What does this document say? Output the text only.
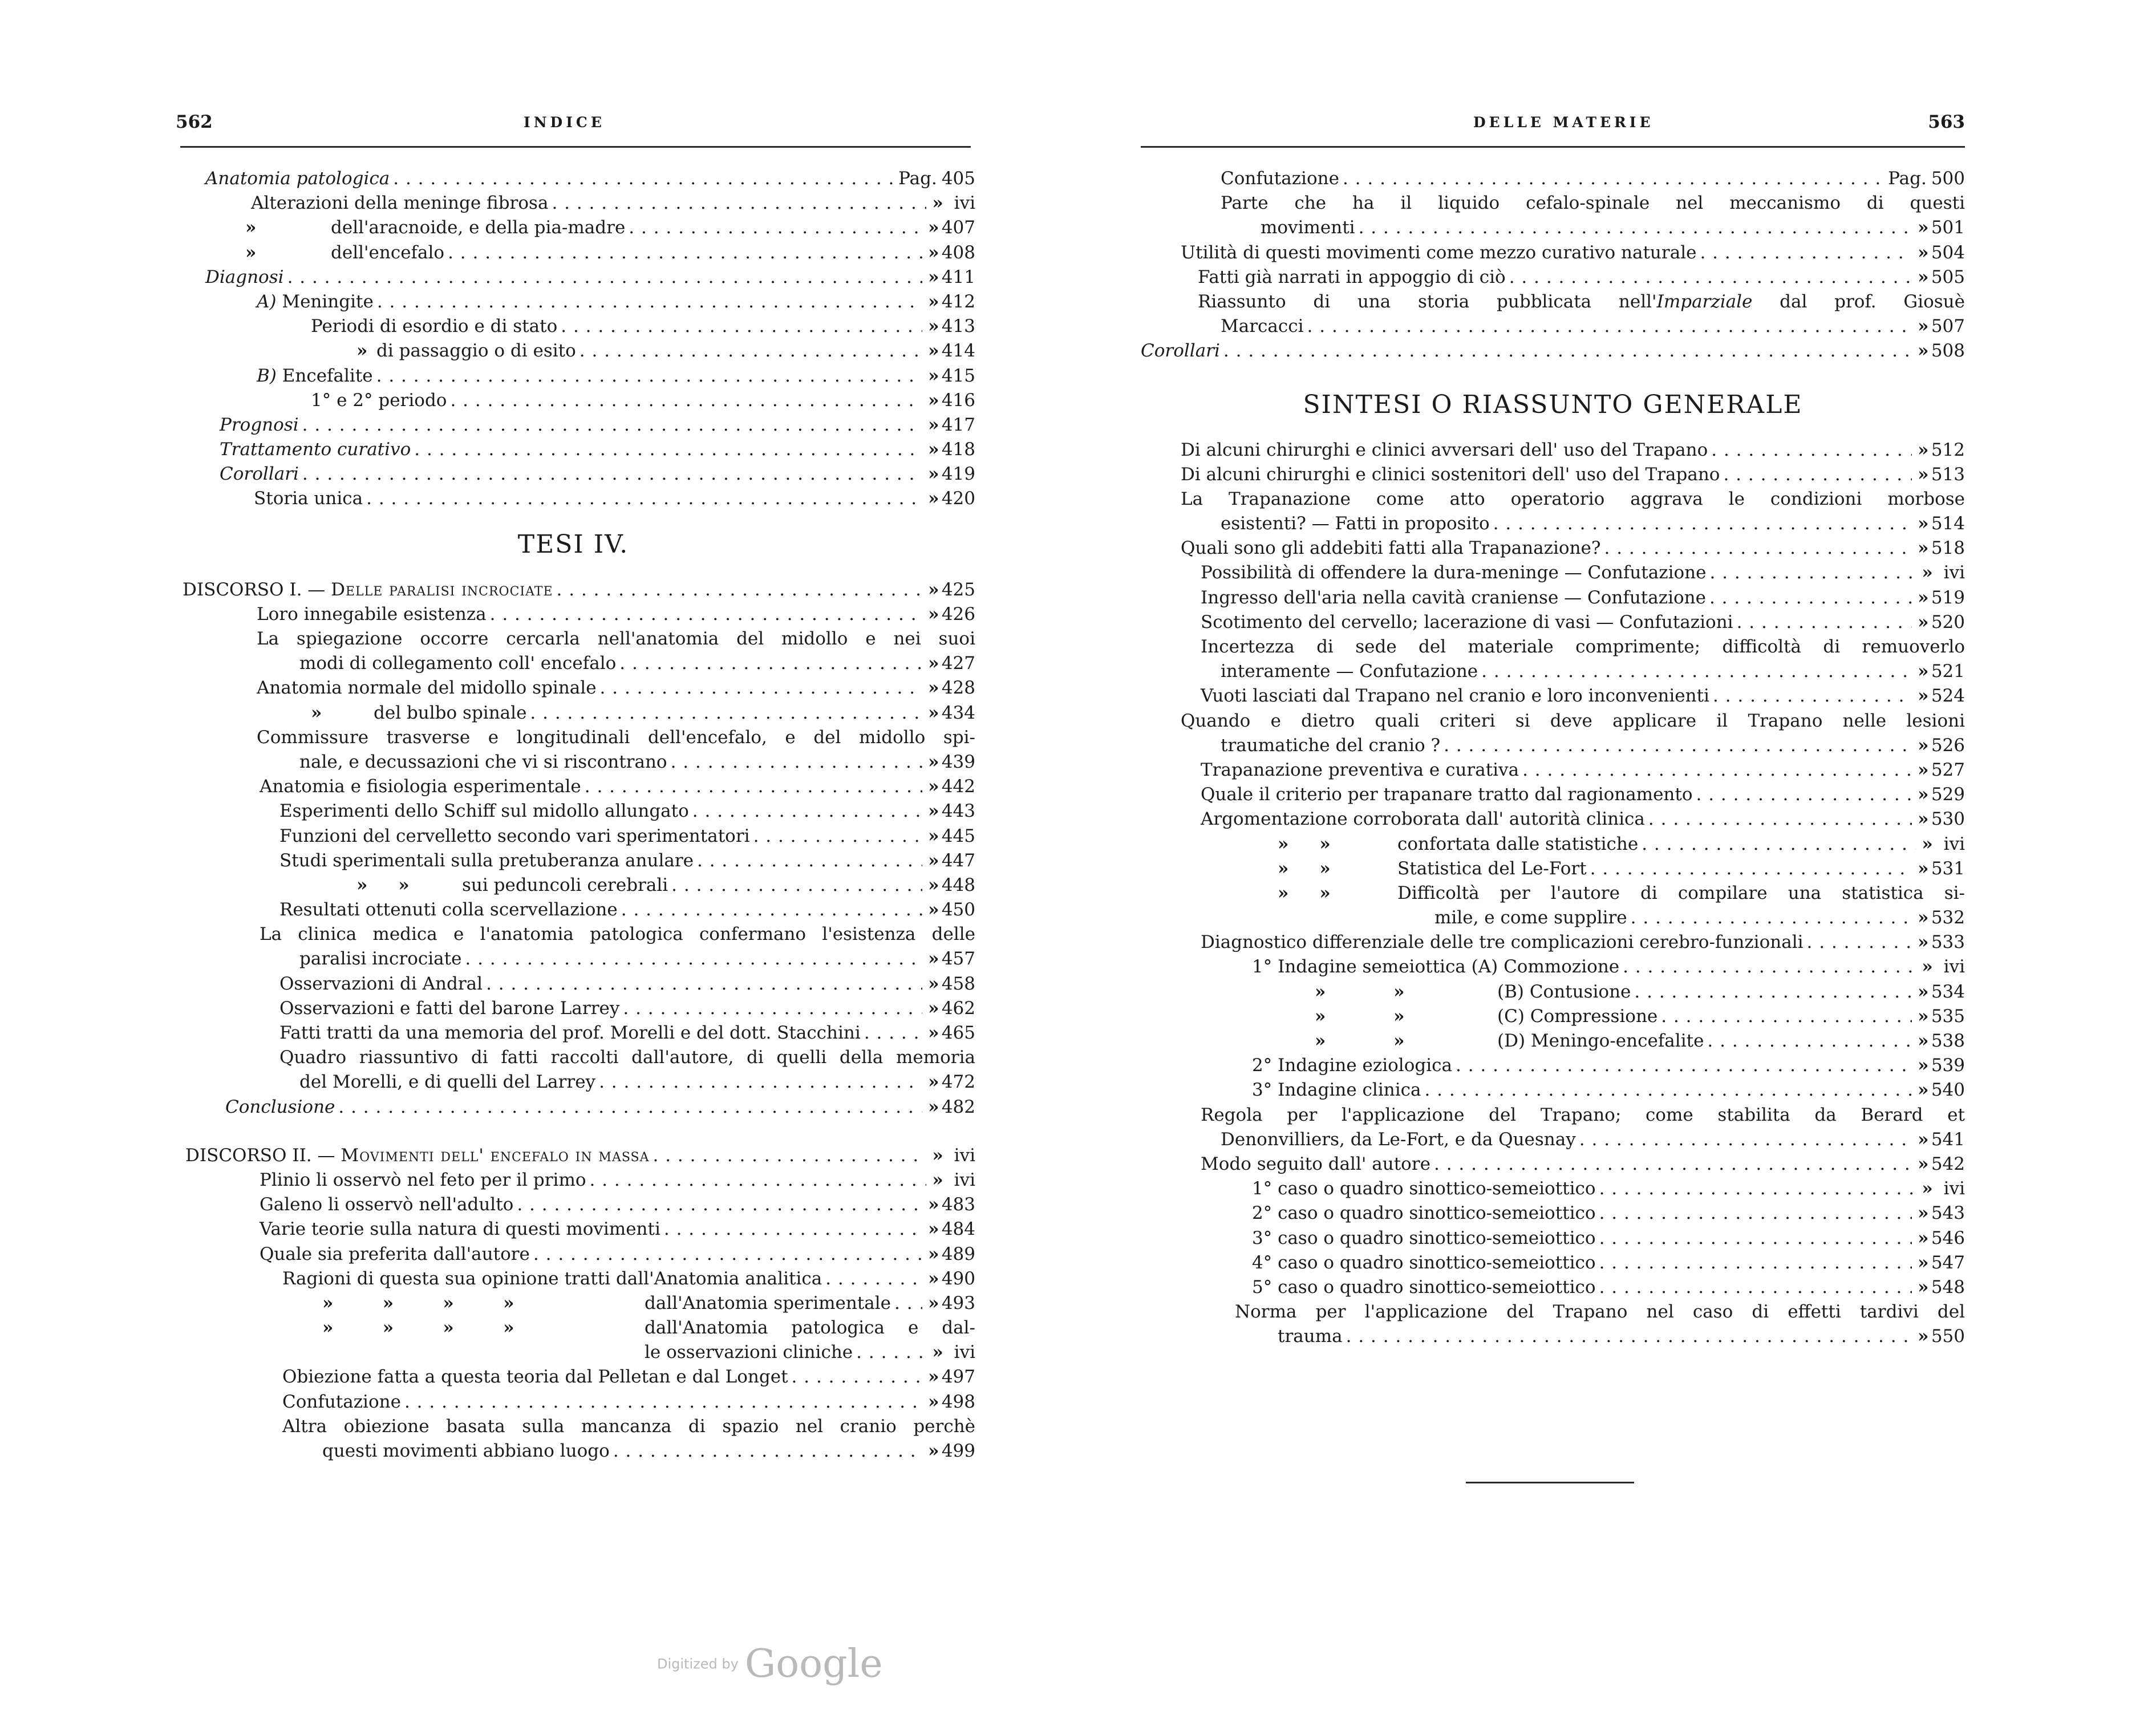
562	INDICE
Anatomia patologica . . .	Pag. 405
Alterazioni della meninge fibrosa . . .	» ivi
»	dell'aracnoide, e della pia-madre . . .	» 407
»	dell'encefalo . . .	» 408
Diagnosi . . .	» 411
A) Meningite . . .	» 412
Periodi di esordio e di stato . . .	» 413
» di passaggio o di esito . . .	» 414
B) Encefalite . . .	» 415
1° e 2° periodo . . .	» 416
Prognosi . . .	» 417
Trattamento curativo . . .	» 418
Corollari . . .	» 419
Storia unica . . .	» 420
TESI IV.
DISCORSO I. — Delle paralisi incrociate . . .	» 425
Loro innegabile esistenza . . .	» 426
La spiegazione occorre cercarla nell'anatomia del midollo e nei suoi
modi di collegamento coll' encefalo . . .	» 427
Anatomia normale del midollo spinale . . .	» 428
»	del bulbo spinale . . .	» 434
Commissure trasverse e longitudinali dell'encefalo, e del midollo spi-
nale, e decussazioni che vi si riscontrano . . .	» 439
Anatomia e fisiologia esperimentale . . .	» 442
Esperimenti dello Schiff sul midollo allungato . . .	» 443
Funzioni del cervelletto secondo vari sperimentatori . . .	» 445
Studi sperimentali sulla pretuberanza anulare . . .	» 447
»     »	sui peduncoli cerebrali . . .	» 448
Resultati ottenuti colla scervellazione . . .	» 450
La clinica medica e l'anatomia patologica confermano l'esistenza delle
paralisi incrociate . . .	» 457
Osservazioni di Andral . . .	» 458
Osservazioni e fatti del barone Larrey . . .	» 462
Fatti tratti da una memoria del prof. Morelli e del dott. Stacchini . . .	» 465
Quadro riassuntivo di fatti raccolti dall'autore, di quelli della memoria
del Morelli, e di quelli del Larrey . . .	» 472
Conclusione . . .	» 482
DISCORSO II. — Movimenti dell' encefalo in massa . . .	» ivi
Plinio li osservò nel feto per il primo . . .	» ivi
Galeno li osservò nell'adulto . . .	» 483
Varie teorie sulla natura di questi movimenti . . .	» 484
Quale sia preferita dall'autore . . .	» 489
Ragioni di questa sua opinione tratti dall'Anatomia analitica . . .	» 490
»        »        »        »	dall'Anatomia sperimentale . . . » 493
»        »        »        »	dall'Anatomia patologica e dal-
le osservazioni cliniche . . .	» ivi
Obiezione fatta a questa teoria dal Pelletan e dal Longet . . .	» 497
Confutazione . . .	» 498
Altra obiezione basata sulla mancanza di spazio nel cranio perchè
questi movimenti abbiano luogo . . .	» 499
DELLE MATERIE	563
Confutazione . . .	Pag. 500
Parte che ha il liquido cefalo-spinale nel meccanismo di questi
movimenti . . .	» 501
Utilità di questi movimenti come mezzo curativo naturale . . .	» 504
Fatti già narrati in appoggio di ciò . . .	» 505
Riassunto di una storia pubblicata nell'Imparziale dal prof. Giosuè
Marcacci . . .	» 507
Corollari . . .	» 508
SINTESI O RIASSUNTO GENERALE
Di alcuni chirurghi e clinici avversari dell' uso del Trapano . . .	» 512
Di alcuni chirurghi e clinici sostenitori dell' uso del Trapano . . .	» 513
La Trapanazione come atto operatorio aggrava le condizioni morbose
esistenti? — Fatti in proposito . . .	» 514
Quali sono gli addebiti fatti alla Trapanazione? . . .	» 518
Possibilità di offendere la dura-meninge — Confutazione . . .	» ivi
Ingresso dell'aria nella cavità craniense — Confutazione . . .	» 519
Scotimento del cervello; lacerazione di vasi — Confutazioni . . .	» 520
Incertezza di sede del materiale comprimente; difficoltà di remuoverlo
interamente — Confutazione . . .	» 521
Vuoti lasciati dal Trapano nel cranio e loro inconvenienti . . .	» 524
Quando e dietro quali criteri si deve applicare il Trapano nelle lesioni
traumatiche del cranio ? . . .	» 526
Trapanazione preventiva e curativa . . .	» 527
Quale il criterio per trapanare tratto dal ragionamento . . .	» 529
Argomentazione corroborata dall' autorità clinica . . .	» 530
»     »	confortata dalle statistiche . . .	» ivi
»     »	Statistica del Le-Fort . . .	» 531
»     »	Difficoltà per l'autore di compilare una statistica si-
mile, e come supplire . . .	» 532
Diagnostico differenziale delle tre complicazioni cerebro-funzionali . . .	» 533
1° Indagine semeiottica (A) Commozione . . .	» ivi
»           »	(B) Contusione . . .	» 534
»           »	(C) Compressione . . .	» 535
»           »	(D) Meningo-encefalite . . .	» 538
2° Indagine eziologica . . .	» 539
3° Indagine clinica . . .	» 540
Regola per l'applicazione del Trapano; come stabilita da Berard et
Denonvilliers, da Le-Fort, e da Quesnay . . .	» 541
Modo seguito dall' autore . . .	» 542
1° caso o quadro sinottico-semeiottico . . .	» ivi
2° caso o quadro sinottico-semeiottico . . .	» 543
3° caso o quadro sinottico-semeiottico . . .	» 546
4° caso o quadro sinottico-semeiottico . . .	» 547
5° caso o quadro sinottico-semeiottico . . .	» 548
Norma per l'applicazione del Trapano nel caso di effetti tardivi del
trauma . . .	» 550
Digitized by Google
